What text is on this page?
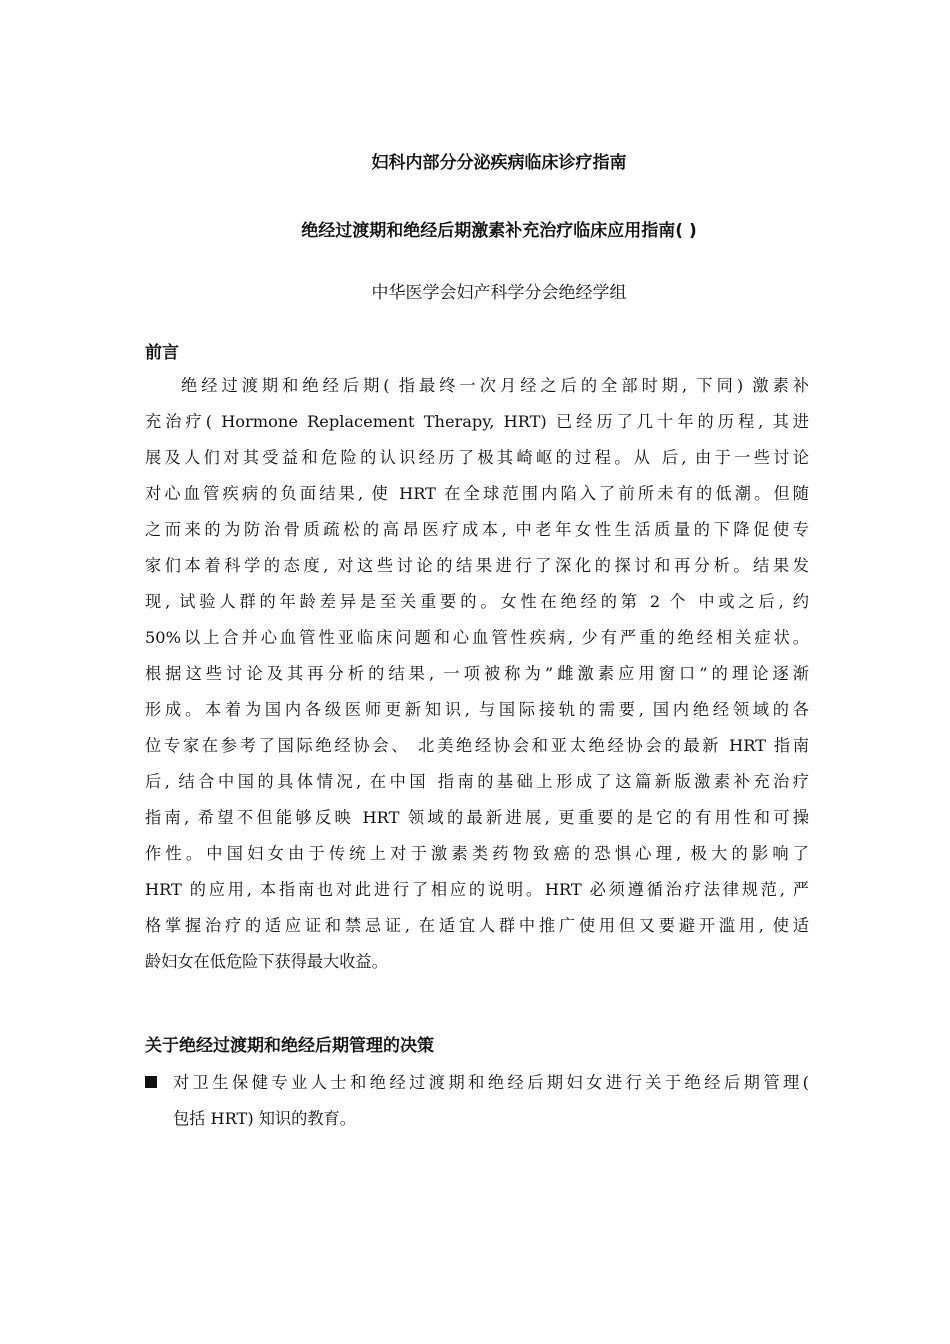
妇科内部分分泌疾病临床诊疗指南
绝经过渡期和绝经后期激素补充治疗临床应用指南( )
中华医学会妇产科学分会绝经学组
前言
绝经过渡期和绝经后期( 指最终一次月经之后的全部时期, 下同) 激素补
充治疗( Hormone Replacement Therapy, HRT) 已经历了几十年的历程, 其进
展及人们对其受益和危险的认识经历了极其崎岖的过程。从 后, 由于一些讨论
对心血管疾病的负面结果, 使 HRT 在全球范围内陷入了前所未有的低潮。但随
之而来的为防治骨质疏松的高昂医疗成本, 中老年女性生活质量的下降促使专
家们本着科学的态度, 对这些讨论的结果进行了深化的探讨和再分析。结果发
现, 试验人群的年龄差异是至关重要的。女性在绝经的第 2 个 中或之后, 约
50%以上合并心血管性亚临床问题和心血管性疾病, 少有严重的绝经相关症状。
根据这些讨论及其再分析的结果, 一项被称为”雌激素应用窗口”的理论逐渐
形成。本着为国内各级医师更新知识, 与国际接轨的需要, 国内绝经领域的各
位专家在参考了国际绝经协会、 北美绝经协会和亚太绝经协会的最新 HRT 指南
后, 结合中国的具体情况, 在中国 指南的基础上形成了这篇新版激素补充治疗
指南, 希望不但能够反映 HRT 领域的最新进展, 更重要的是它的有用性和可操
作性。中国妇女由于传统上对于激素类药物致癌的恐惧心理, 极大的影响了
HRT 的应用, 本指南也对此进行了相应的说明。HRT 必须遵循治疗法律规范, 严
格掌握治疗的适应证和禁忌证, 在适宜人群中推广使用但又要避开滥用, 使适
龄妇女在低危险下获得最大收益。
关于绝经过渡期和绝经后期管理的决策
对卫生保健专业人士和绝经过渡期和绝经后期妇女进行关于绝经后期管理(
包括 HRT) 知识的教育。
